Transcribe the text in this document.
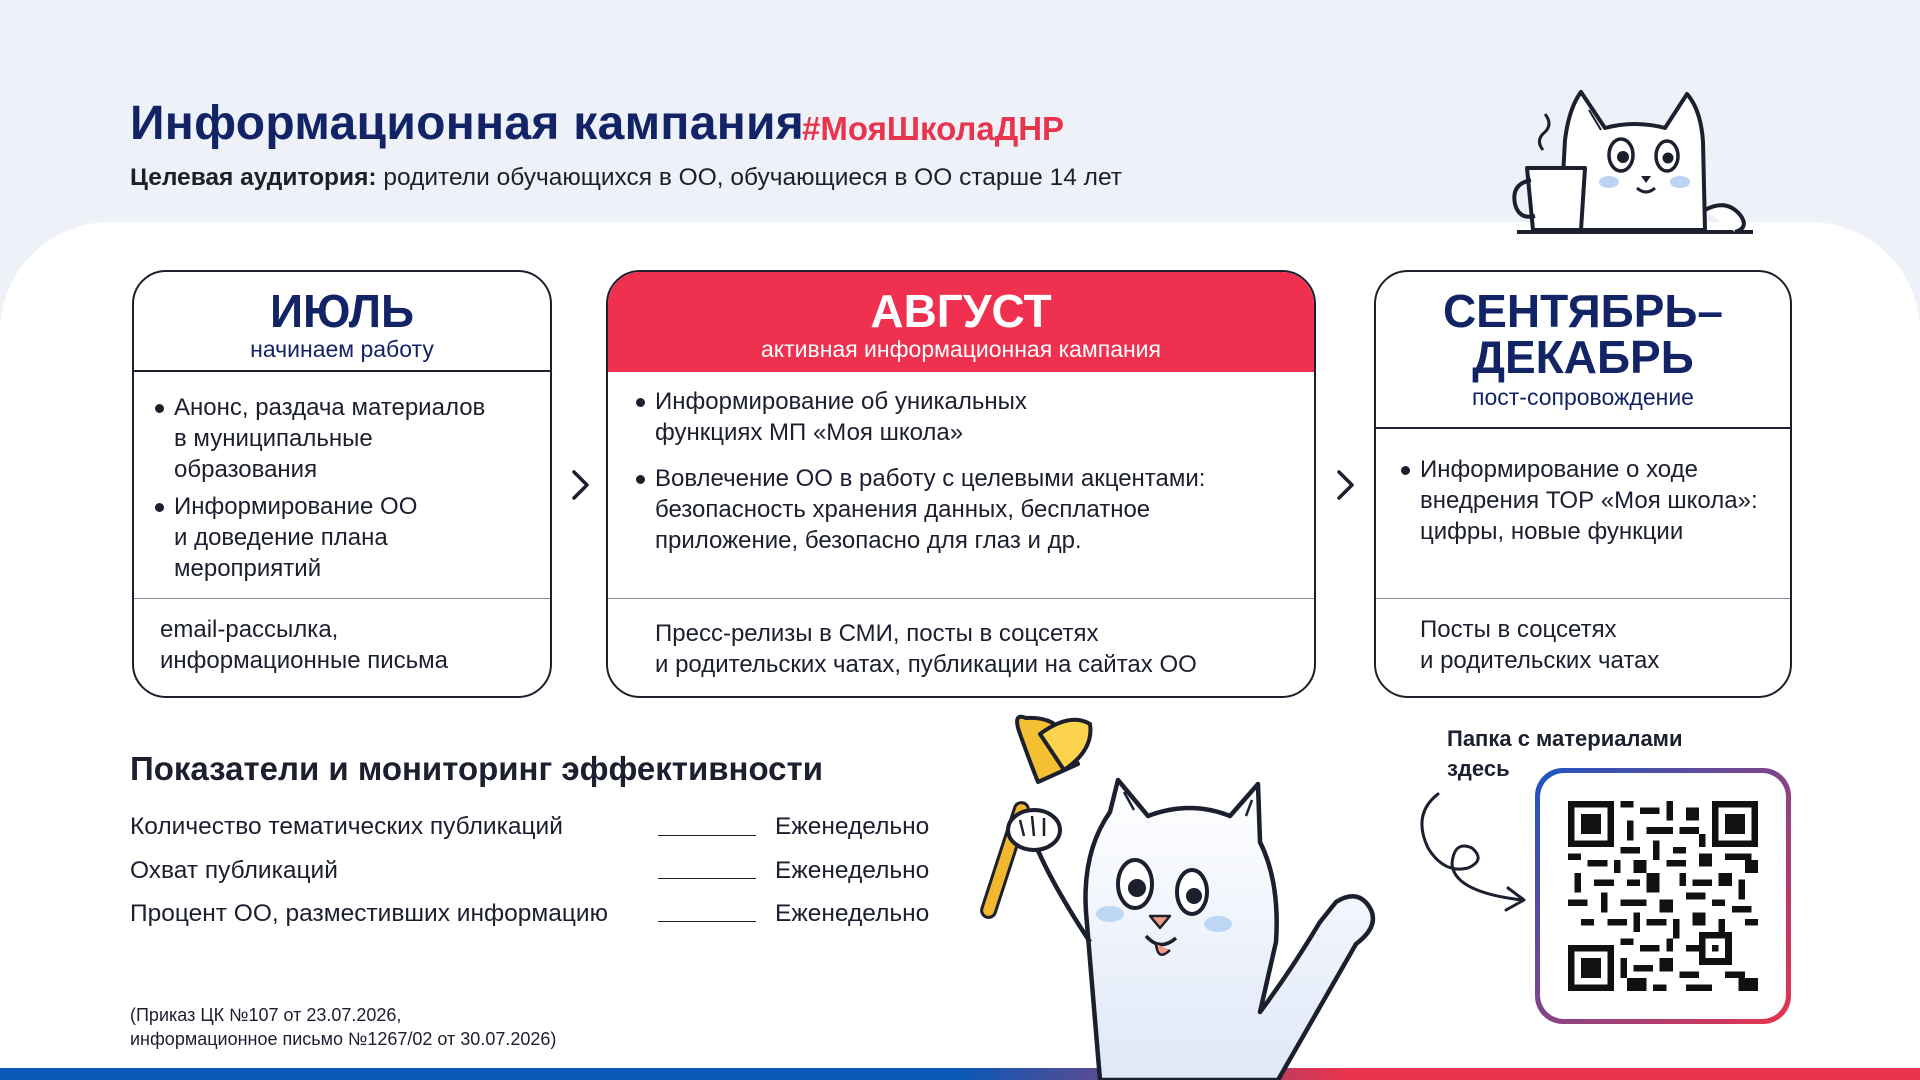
Информационная кампания
#МояШколаДНР

Целевая аудитория: родители обучающихся в ОО, обучающиеся в ОО старше 14 лет

ИЮЛЬ
начинаем работу
Анонс, раздача материалов
в муниципальные
образования
Информирование ОО
и доведение плана
мероприятий
email-рассылка,
информационные письма
АВГУСТ
активная информационная кампания
Информирование об уникальных
функциях МП «Моя школа»
Вовлечение ОО в работу с целевыми акцентами:
безопасность хранения данных, бесплатное
приложение, безопасно для глаз и др.
Пресс-релизы в СМИ, посты в соцсетях
и родительских чатах, публикации на сайтах ОО
СЕНТЯБРЬ–
ДЕКАБРЬ
пост-сопровождение
Информирование о ходе
внедрения ТОР «Моя школа»:
цифры, новые функции
Посты в соцсетях
и родительских чатах
Показатели и мониторинг эффективности
Количество тематических публикаций	Еженедельно
Охват публикаций	Еженедельно
Процент ОО, разместивших информацию	Еженедельно

(Приказ ЦК №107 от 23.07.2026,
информационное письмо №1267/02 от 30.07.2026)

Папка с материалами
здесь
